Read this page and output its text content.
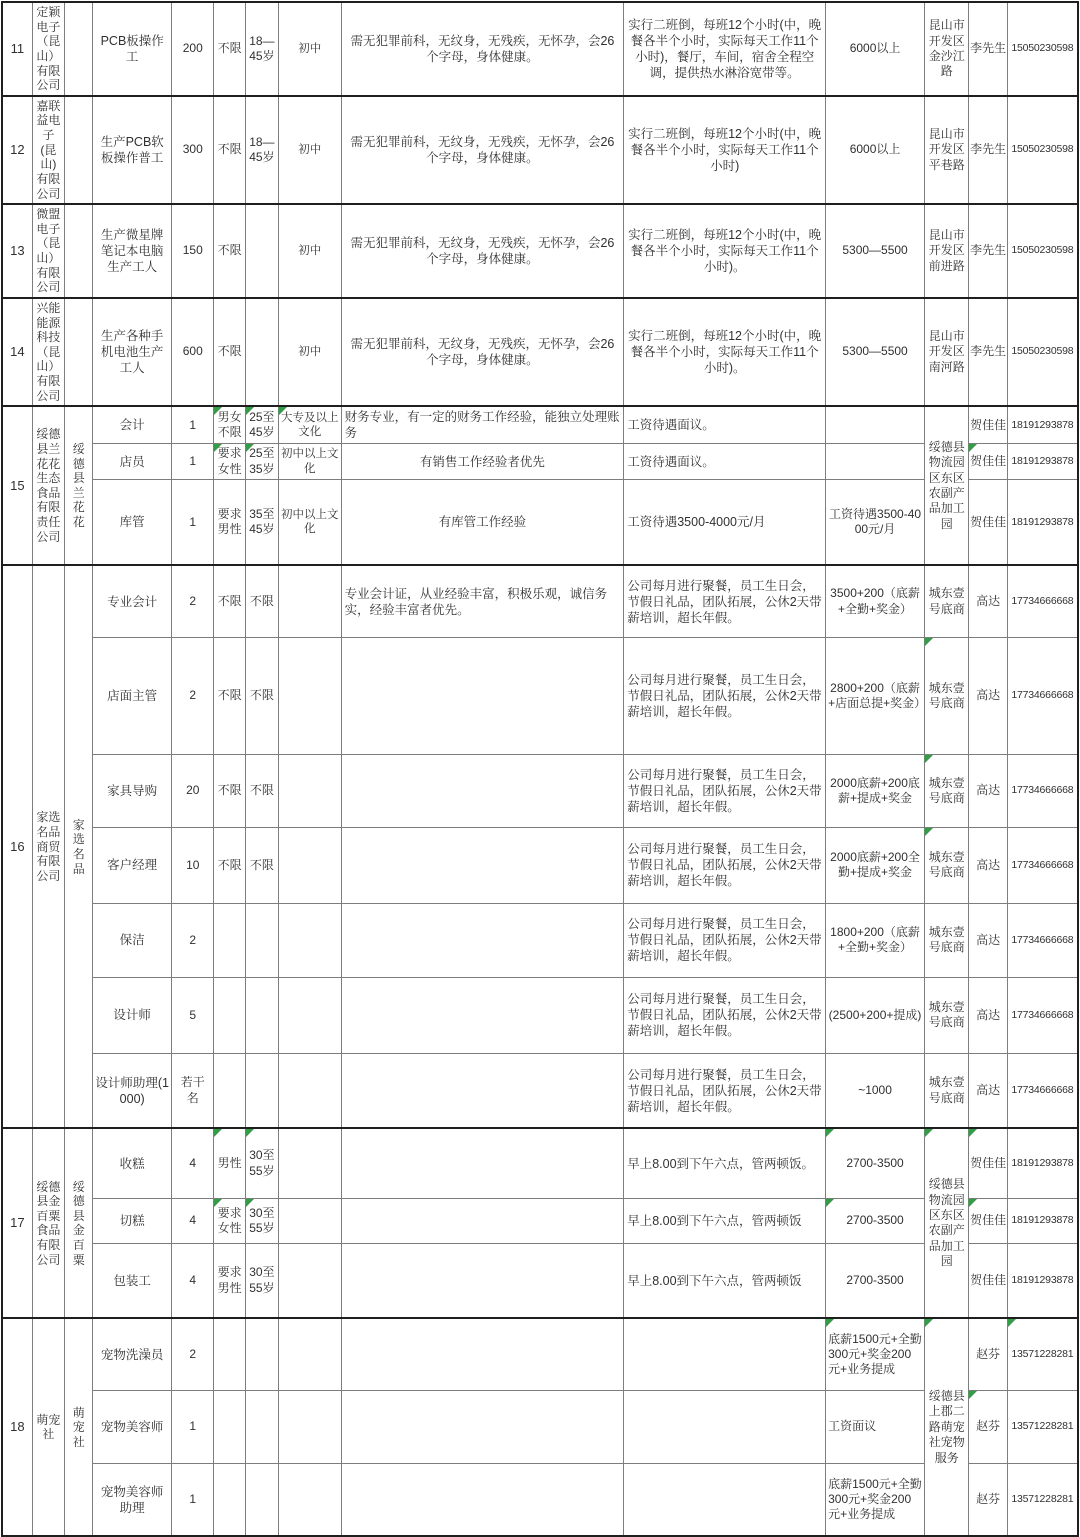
11	定颖电子（昆山）有限公司		PCB板操作工	200	不限	18—45岁	初中	需无犯罪前科，无纹身，无残疾，无怀孕，会26个字母，身体健康。	实行二班倒，每班12个小时(中，晚餐各半个小时，实际每天工作11个小时)，餐厅，车间，宿舍全程空调，提供热水淋浴宽带等。	6000以上	昆山市开发区金沙江路	李先生	15050230598
12	嘉联益电子(昆山)有限公司		生产PCB软板操作普工	300	不限	18—45岁	初中	需无犯罪前科，无纹身，无残疾，无怀孕，会26个字母，身体健康。	实行二班倒，每班12个小时(中，晚餐各半个小时，实际每天工作11个小时)	6000以上	昆山市开发区平巷路	李先生	15050230598
13	微盟电子（昆山）有限公司		生产微星牌笔记本电脑生产工人	150	不限		初中	需无犯罪前科，无纹身，无残疾，无怀孕，会26个字母，身体健康。	实行二班倒，每班12个小时(中，晚餐各半个小时，实际每天工作11个小时)。	5300—5500	昆山市开发区前进路	李先生	15050230598
14	兴能能源科技（昆山）有限公司		生产各种手机电池生产工人	600	不限		初中	需无犯罪前科，无纹身，无残疾，无怀孕，会26个字母，身体健康。	实行二班倒，每班12个小时(中，晚餐各半个小时，实际每天工作11个小时)。	5300—5500	昆山市开发区南河路	李先生	15050230598
15	绥德县兰花花生态食品有限责任公司	绥德县兰花花	会计	1	男女不限	25至45岁	大专及以上文化	财务专业，有一定的财务工作经验，能独立处理账务	工资待遇面议。		绥德县物流园区东区农副产品加工园	贺佳佳	18191293878
			店员	1	要求女性	25至35岁	初中以上文化	有销售工作经验者优先	工资待遇面议。			贺佳佳	18191293878
			库管	1	要求男性	35至45岁	初中以上文化	有库管工作经验	工资待遇3500-4000元/月	工资待遇3500-4000元/月		贺佳佳	18191293878
16	家选名品商贸有限公司	家选名品	专业会计	2	不限	不限		专业会计证，从业经验丰富，积极乐观，诚信务实，经验丰富者优先。	公司每月进行聚餐，员工生日会，节假日礼品，团队拓展，公休2天带薪培训，超长年假。	3500+200（底薪+全勤+奖金）	城东壹号底商	高达	17734666668
			店面主管	2	不限	不限			公司每月进行聚餐，员工生日会，节假日礼品，团队拓展，公休2天带薪培训，超长年假。	2800+200（底薪+店面总提+奖金）	城东壹号底商	高达	17734666668
			家具导购	20	不限	不限			公司每月进行聚餐，员工生日会，节假日礼品，团队拓展，公休2天带薪培训，超长年假。	2000底薪+200底薪+提成+奖金	城东壹号底商	高达	17734666668
			客户经理	10	不限	不限			公司每月进行聚餐，员工生日会，节假日礼品，团队拓展，公休2天带薪培训，超长年假。	2000底薪+200全勤+提成+奖金	城东壹号底商	高达	17734666668
			保洁	2					公司每月进行聚餐，员工生日会，节假日礼品，团队拓展，公休2天带薪培训，超长年假。	1800+200（底薪+全勤+奖金）	城东壹号底商	高达	17734666668
			设计师	5					公司每月进行聚餐，员工生日会，节假日礼品，团队拓展，公休2天带薪培训，超长年假。	(2500+200+提成)	城东壹号底商	高达	17734666668
			设计师助理(1000)	若干名					公司每月进行聚餐，员工生日会，节假日礼品，团队拓展，公休2天带薪培训，超长年假。	~1000	城东壹号底商	高达	17734666668
17	绥德县金百粟食品有限公司	绥德县金百粟	收糕	4	男性	30至55岁			早上8.00到下午六点，管两顿饭。	2700-3500	绥德县物流园区东区农副产品加工园	贺佳佳	18191293878
			切糕	4	要求女性	30至55岁			早上8.00到下午六点，管两顿饭	2700-3500		贺佳佳	18191293878
			包装工	4	要求男性	30至55岁			早上8.00到下午六点，管两顿饭	2700-3500		贺佳佳	18191293878
18	萌宠社	萌宠社	宠物洗澡员	2						底薪1500元+全勤300元+奖金200元+业务提成	绥德县上郡二路萌宠社宠物服务	赵芬	13571228281
			宠物美容师	1						工资面议		赵芬	13571228281
			宠物美容师助理	1						底薪1500元+全勤300元+奖金200元+业务提成		赵芬	13571228281
